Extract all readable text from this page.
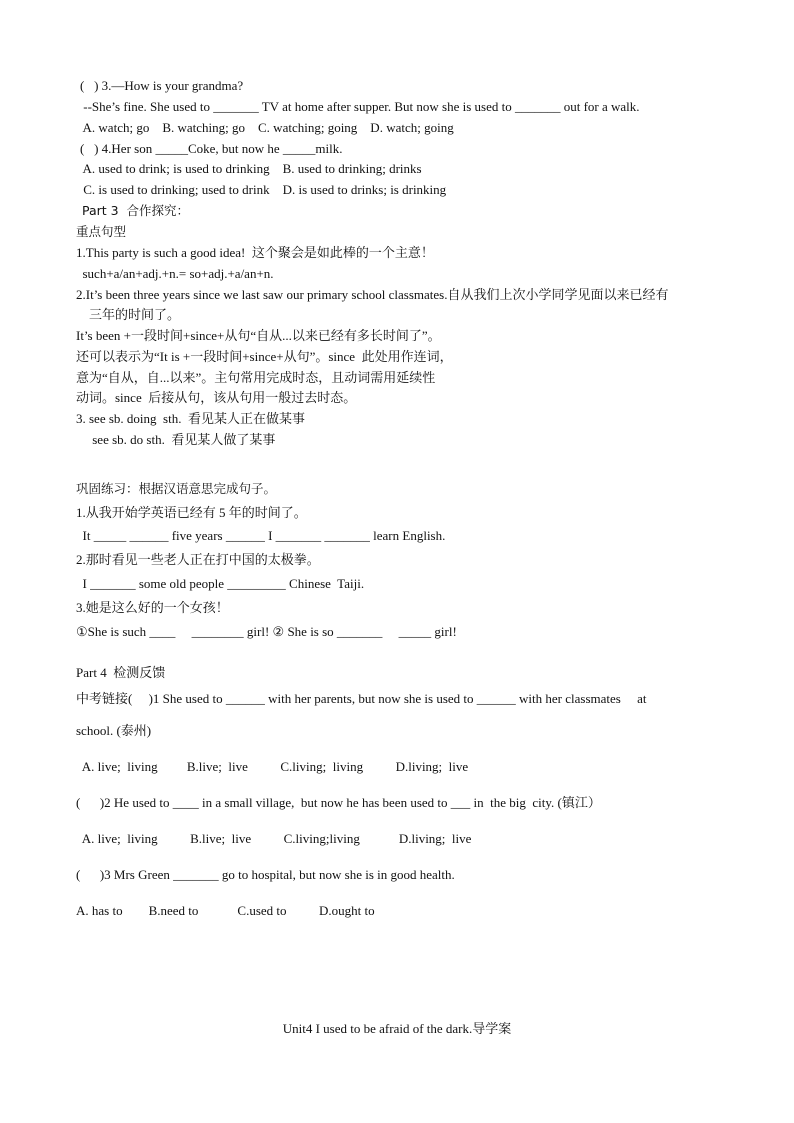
(   ) 3.—How is your grandma?
--She’s fine. She used to _______ TV at home after supper. But now she is used to _______ out for a walk.
A. watch; go    B. watching; go    C. watching; going    D. watch; going
(   ) 4.Her son _____Coke, but now he _____milk.
A. used to drink; is used to drinking    B. used to drinking; drinks
C. is used to drinking; used to drink    D. is used to drinks; is drinking
Part 3  合作探究：
重点句型
1.This party is such a good idea!  这个聚会是如此棒的一个主意！
such+a/an+adj.+n.= so+adj.+a/an+n.
2.It’s been three years since we last saw our primary school classmates.自从我们上次小学同学见面以来已经有
三年的时间了。
It’s been +一段时间+since+从句“自从...以来已经有多长时间了”。
还可以表示为“It is +一段时间+since+从句”。since  此处用作连词，
意为“自从，自...以来”。主句常用完成时态，且动词需用延续性
动词。since  后接从句，该从句用一般过去时态。
3. see sb. doing  sth.  看见某人正在做某事
see sb. do sth.  看见某人做了某事
巩固练习：根据汉语意思完成句子。
1.从我开始学英语已经有 5 年的时间了。
It _____ ______ five years ______ I _______ _______ learn English.
2.那时看见一些老人正在打中国的太极拳。
I _______ some old people _________ Chinese  Taiji.
3.她是这么好的一个女孩！
①She is such ____     ________ girl! ② She is so _______     _____ girl!
Part 4  检测反馈
中考链接(     )1 She used to ______ with her parents, but now she is used to ______ with her classmates     at
school. (泰州)
A. live;  living         B.live;  live          C.living;  living          D.living;  live
(      )2 He used to ____ in a small village,  but now he has been used to ___ in  the big  city. (镇江）
A. live;  living          B.live;  live          C.living;living            D.living;  live
(      )3 Mrs Green _______ go to hospital, but now she is in good health.
A. has to        B.need to            C.used to          D.ought to
Unit4 I used to be afraid of the dark.导学案
